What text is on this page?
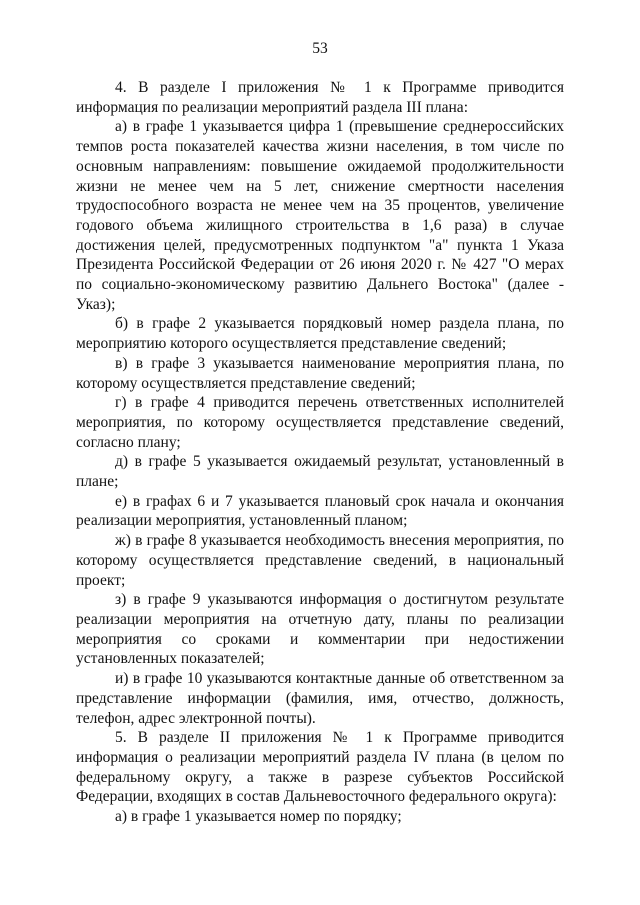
53

4. В разделе I приложения № 1 к Программе приводится информация по реализации мероприятий раздела III плана:

а) в графе 1 указывается цифра 1 (превышение среднероссийских темпов роста показателей качества жизни населения, в том числе по основным направлениям: повышение ожидаемой продолжительности жизни не менее чем на 5 лет, снижение смертности населения трудоспособного возраста не менее чем на 35 процентов, увеличение годового объема жилищного строительства в 1,6 раза) в случае достижения целей, предусмотренных подпунктом "а" пункта 1 Указа Президента Российской Федерации от 26 июня 2020 г. № 427 "О мерах по социально-экономическому развитию Дальнего Востока" (далее - Указ);

б) в графе 2 указывается порядковый номер раздела плана, по мероприятию которого осуществляется представление сведений;

в) в графе 3 указывается наименование мероприятия плана, по которому осуществляется представление сведений;

г) в графе 4 приводится перечень ответственных исполнителей мероприятия, по которому осуществляется представление сведений, согласно плану;

д) в графе 5 указывается ожидаемый результат, установленный в плане;

е) в графах 6 и 7 указывается плановый срок начала и окончания реализации мероприятия, установленный планом;

ж) в графе 8 указывается необходимость внесения мероприятия, по которому осуществляется представление сведений, в национальный проект;

з) в графе 9 указываются информация о достигнутом результате реализации мероприятия на отчетную дату, планы по реализации мероприятия со сроками и комментарии при недостижении установленных показателей;

и) в графе 10 указываются контактные данные об ответственном за представление информации (фамилия, имя, отчество, должность, телефон, адрес электронной почты).

5. В разделе II приложения № 1 к Программе приводится информация о реализации мероприятий раздела IV плана (в целом по федеральному округу, а также в разрезе субъектов Российской Федерации, входящих в состав Дальневосточного федерального округа):

а) в графе 1 указывается номер по порядку;
